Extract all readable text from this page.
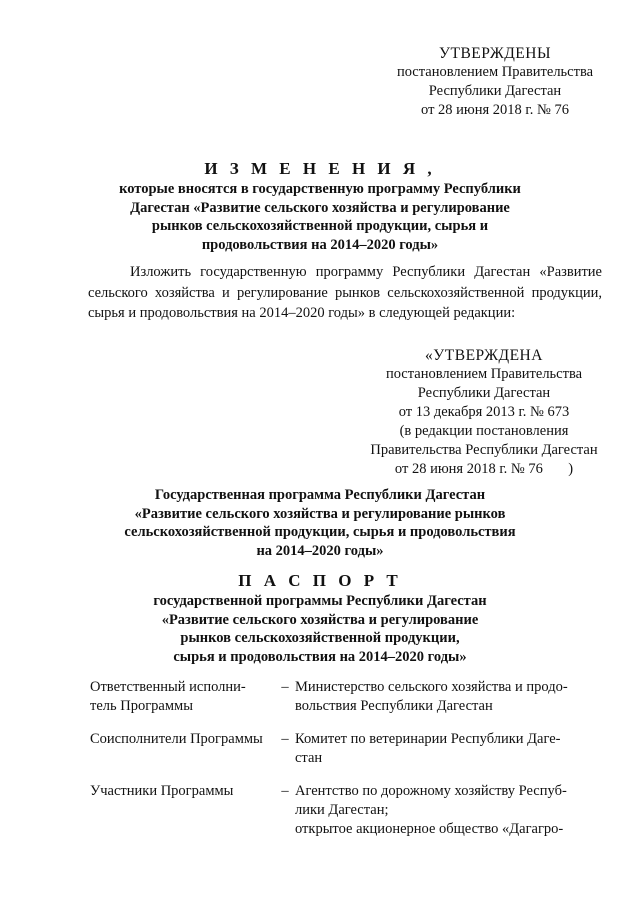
УТВЕРЖДЕНЫ
постановлением Правительства
Республики Дагестан
от 28 июня 2018 г. № 76
И З М Е Н Е Н И Я ,
которые вносятся в государственную программу Республики
Дагестан «Развитие сельского хозяйства и регулирование
рынков сельскохозяйственной продукции, сырья и
продовольствия на 2014–2020 годы»
Изложить государственную программу Республики Дагестан «Развитие сельского хозяйства и регулирование рынков сельскохозяйственной продукции, сырья и продовольствия на 2014–2020 годы» в следующей редакции:
«УТВЕРЖДЕНА
постановлением Правительства
Республики Дагестан
от 13 декабря 2013 г. № 673
(в редакции постановления
Правительства Республики Дагестан
от 28 июня 2018 г. № 76       )
Государственная программа Республики Дагестан
«Развитие сельского хозяйства и регулирование рынков
сельскохозяйственной продукции, сырья и продовольствия
на 2014–2020 годы»
П А С П О Р Т
государственной программы Республики Дагестан
«Развитие сельского хозяйства и регулирование
рынков сельскохозяйственной продукции,
сырья и продовольствия на 2014–2020 годы»
Ответственный исполни-
тель Программы
– Министерство сельского хозяйства и продо-
вольствия Республики Дагестан
Соисполнители Программы	– Комитет по ветеринарии Республики Даге-
стан
Участники Программы	– Агентство по дорожному хозяйству Респуб-
лики Дагестан;
открытое акционерное общество «Дагагро-
